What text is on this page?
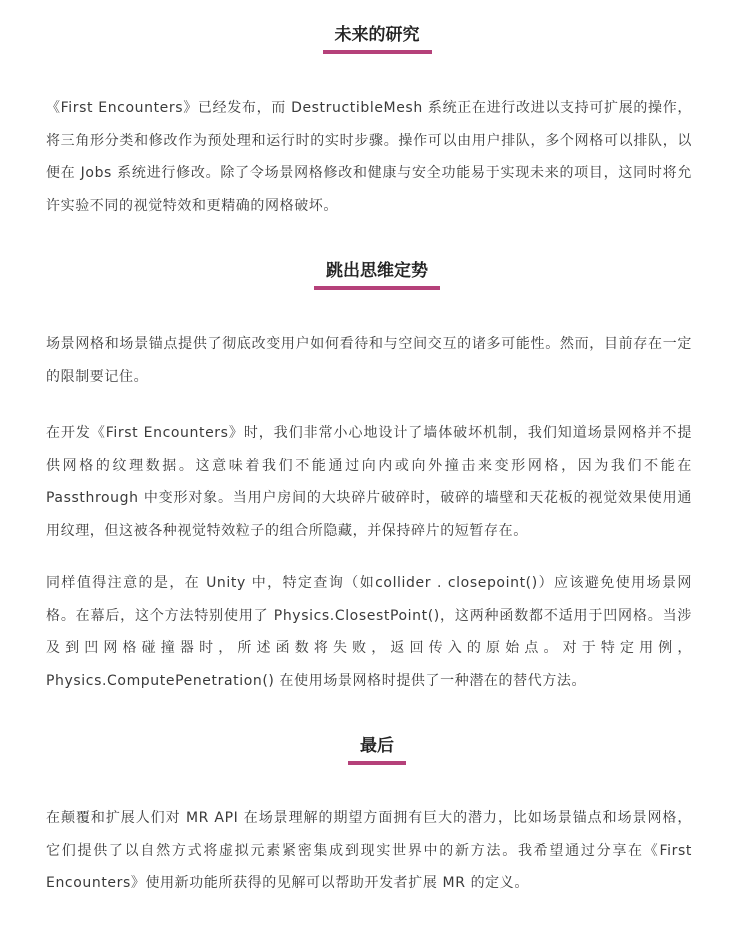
未来的研究

《First Encounters》已经发布，而 DestructibleMesh 系统正在进行改进以支持可扩展的操作，将三角形分类和修改作为预处理和运行时的实时步骤。操作可以由用户排队，多个网格可以排队，以便在 Jobs 系统进行修改。除了令场景网格修改和健康与安全功能易于实现未来的项目，这同时将允许实验不同的视觉特效和更精确的网格破坏。

跳出思维定势

场景网格和场景锚点提供了彻底改变用户如何看待和与空间交互的诸多可能性。然而，目前存在一定的限制要记住。

在开发《First Encounters》时，我们非常小心地设计了墙体破坏机制，我们知道场景网格并不提供网格的纹理数据。这意味着我们不能通过向内或向外撞击来变形网格，因为我们不能在 Passthrough 中变形对象。当用户房间的大块碎片破碎时，破碎的墙壁和天花板的视觉效果使用通用纹理，但这被各种视觉特效粒子的组合所隐藏，并保持碎片的短暂存在。

同样值得注意的是，在 Unity 中，特定查询（如collider . closepoint()）应该避免使用场景网格。在幕后，这个方法特别使用了 Physics.ClosestPoint()，这两种函数都不适用于凹网格。当涉及到凹网格碰撞器时，所述函数将失败，返回传入的原始点。对于特定用例，Physics.ComputePenetration() 在使用场景网格时提供了一种潜在的替代方法。

最后

在颠覆和扩展人们对 MR API 在场景理解的期望方面拥有巨大的潜力，比如场景锚点和场景网格，它们提供了以自然方式将虚拟元素紧密集成到现实世界中的新方法。我希望通过分享在《First Encounters》使用新功能所获得的见解可以帮助开发者扩展 MR 的定义。
